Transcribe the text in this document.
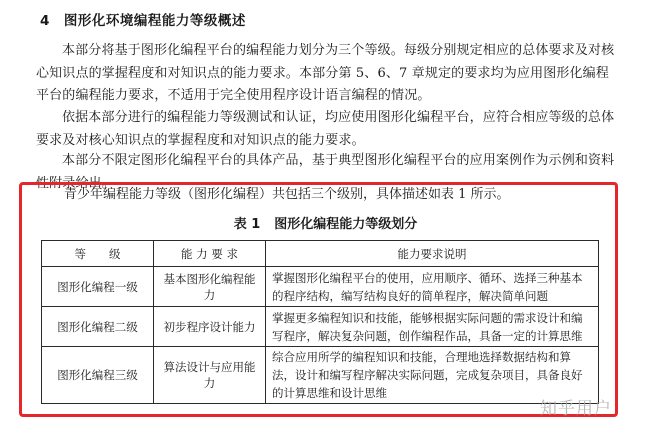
4 图形化环境编程能力等级概述

本部分将基于图形化编程平台的编程能力划分为三个等级。每级分别规定相应的总体要求及对核心知识点的掌握程度和对知识点的能力要求。本部分第 5、6、7 章规定的要求均为应用图形化编程平台的编程能力要求，不适用于完全使用程序设计语言编程的情况。

依据本部分进行的编程能力等级测试和认证，均应使用图形化编程平台，应符合相应等级的总体要求及对核心知识点的掌握程度和对知识点的能力要求。

本部分不限定图形化编程平台的具体产品，基于典型图形化编程平台的应用案例作为示例和资料性附录给出。

青少年编程能力等级（图形化编程）共包括三个级别，具体描述如表 1 所示。
表 1 图形化编程能力等级划分
等　　级	能 力 要 求	能力要求说明
图形化编程一级	基本图形化编程能力	掌握图形化编程平台的使用，应用顺序、循环、选择三种基本的程序结构，编写结构良好的简单程序，解决简单问题
图形化编程二级	初步程序设计能力	掌握更多编程知识和技能，能够根据实际问题的需求设计和编写程序，解决复杂问题，创作编程作品，具备一定的计算思维
图形化编程三级	算法设计与应用能力	综合应用所学的编程知识和技能，合理地选择数据结构和算法，设计和编写程序解决实际问题，完成复杂项目，具备良好的计算思维和设计思维
知乎用户
